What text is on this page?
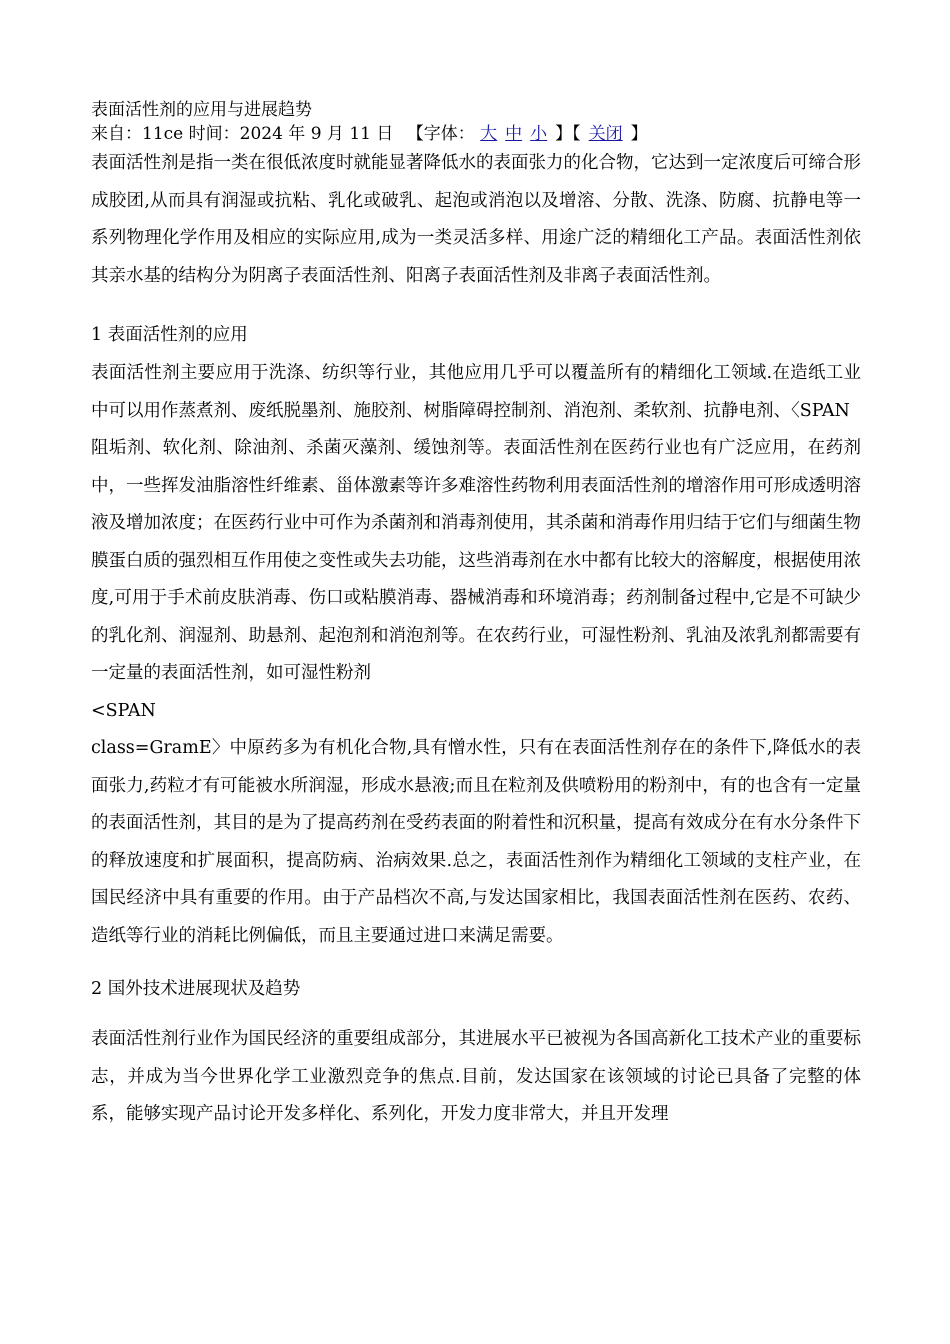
表面活性剂的应用与进展趋势
来自：11ce 时间：2024 年 9 月 11 日 【字体： 大 中 小 】【 关闭 】

表面活性剂是指一类在很低浓度时就能显著降低水的表面张力的化合物，它达到一定浓度后可缔合形成胶团,从而具有润湿或抗粘、乳化或破乳、起泡或消泡以及增溶、分散、洗涤、防腐、抗静电等一系列物理化学作用及相应的实际应用,成为一类灵活多样、用途广泛的精细化工产品。表面活性剂依其亲水基的结构分为阴离子表面活性剂、阳离子表面活性剂及非离子表面活性剂。

1 表面活性剂的应用

表面活性剂主要应用于洗涤、纺织等行业，其他应用几乎可以覆盖所有的精细化工领域.在造纸工业中可以用作蒸煮剂、废纸脱墨剂、施胶剂、树脂障碍控制剂、消泡剂、柔软剂、抗静电剂、〈SPAN

阻垢剂、软化剂、除油剂、杀菌灭藻剂、缓蚀剂等。表面活性剂在医药行业也有广泛应用，在药剂中，一些挥发油脂溶性纤维素、甾体激素等许多难溶性药物利用表面活性剂的增溶作用可形成透明溶液及增加浓度；在医药行业中可作为杀菌剂和消毒剂使用，其杀菌和消毒作用归结于它们与细菌生物膜蛋白质的强烈相互作用使之变性或失去功能，这些消毒剂在水中都有比较大的溶解度，根据使用浓度,可用于手术前皮肤消毒、伤口或粘膜消毒、器械消毒和环境消毒；药剂制备过程中,它是不可缺少的乳化剂、润湿剂、助悬剂、起泡剂和消泡剂等。在农药行业，可湿性粉剂、乳油及浓乳剂都需要有一定量的表面活性剂，如可湿性粉剂

<SPAN

class=GramE〉中原药多为有机化合物,具有憎水性，只有在表面活性剂存在的条件下,降低水的表面张力,药粒才有可能被水所润湿，形成水悬液;而且在粒剂及供喷粉用的粉剂中，有的也含有一定量的表面活性剂，其目的是为了提高药剂在受药表面的附着性和沉积量，提高有效成分在有水分条件下的释放速度和扩展面积，提高防病、治病效果.总之，表面活性剂作为精细化工领域的支柱产业，在国民经济中具有重要的作用。由于产品档次不高,与发达国家相比，我国表面活性剂在医药、农药、造纸等行业的消耗比例偏低，而且主要通过进口来满足需要。

2 国外技术进展现状及趋势

表面活性剂行业作为国民经济的重要组成部分，其进展水平已被视为各国高新化工技术产业的重要标志，并成为当今世界化学工业激烈竞争的焦点.目前，发达国家在该领域的讨论已具备了完整的体系，能够实现产品讨论开发多样化、系列化，开发力度非常大，并且开发理
